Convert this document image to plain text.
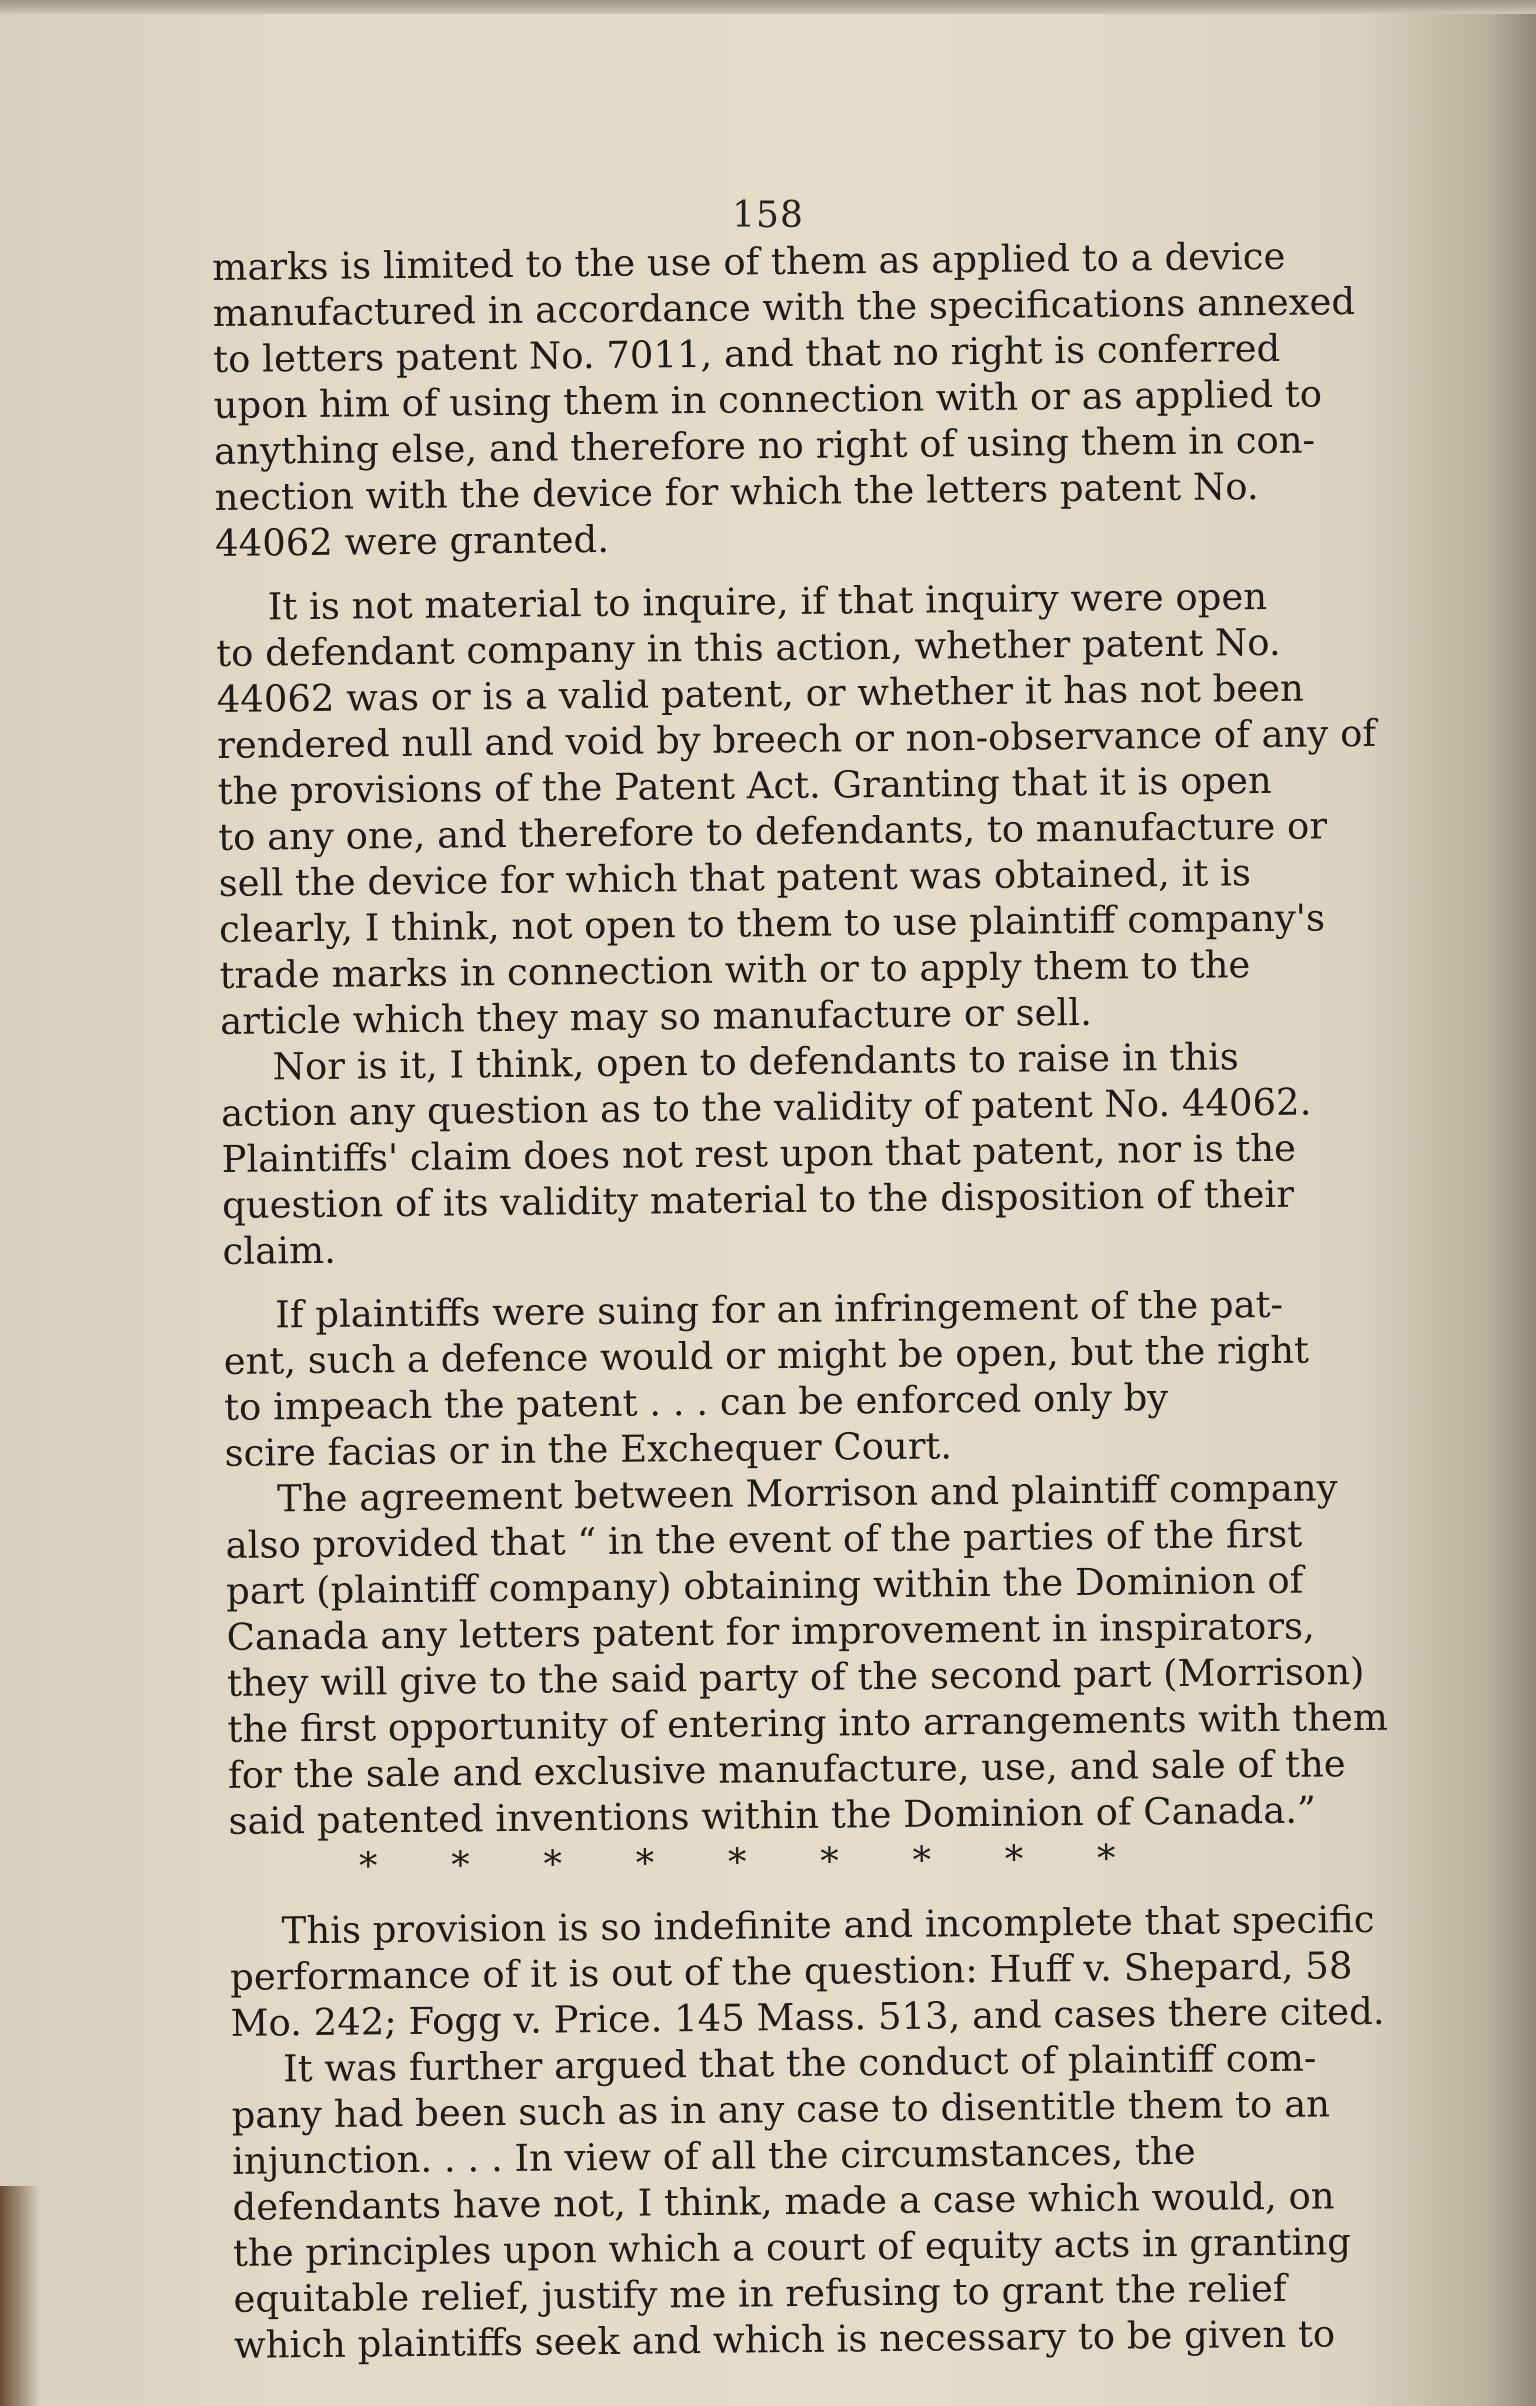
158
marks is limited to the use of them as applied to a device
manufactured in accordance with the specifications annexed
to letters patent No. 7011, and that no right is conferred
upon him of using them in connection with or as applied to
anything else, and therefore no right of using them in con-
nection with the device for which the letters patent No.
44062 were granted.
It is not material to inquire, if that inquiry were open
to defendant company in this action, whether patent No.
44062 was or is a valid patent, or whether it has not been
rendered null and void by breech or non-observance of any of
the provisions of the Patent Act. Granting that it is open
to any one, and therefore to defendants, to manufacture or
sell the device for which that patent was obtained, it is
clearly, I think, not open to them to use plaintiff company's
trade marks in connection with or to apply them to the
article which they may so manufacture or sell.
Nor is it, I think, open to defendants to raise in this
action any question as to the validity of patent No. 44062.
Plaintiffs' claim does not rest upon that patent, nor is the
question of its validity material to the disposition of their
claim.
If plaintiffs were suing for an infringement of the pat-
ent, such a defence would or might be open, but the right
to impeach the patent . . . can be enforced only by
scire facias or in the Exchequer Court.
The agreement between Morrison and plaintiff company
also provided that “ in the event of the parties of the first
part (plaintiff company) obtaining within the Dominion of
Canada any letters patent for improvement in inspirators,
they will give to the said party of the second part (Morrison)
the first opportunity of entering into arrangements with them
for the sale and exclusive manufacture, use, and sale of the
said patented inventions within the Dominion of Canada.”
* * * * * * * * *
This provision is so indefinite and incomplete that specific
performance of it is out of the question: Huff v. Shepard, 58
Mo. 242; Fogg v. Price. 145 Mass. 513, and cases there cited.
It was further argued that the conduct of plaintiff com-
pany had been such as in any case to disentitle them to an
injunction. . . . In view of all the circumstances, the
defendants have not, I think, made a case which would, on
the principles upon which a court of equity acts in granting
equitable relief, justify me in refusing to grant the relief
which plaintiffs seek and which is necessary to be given to
